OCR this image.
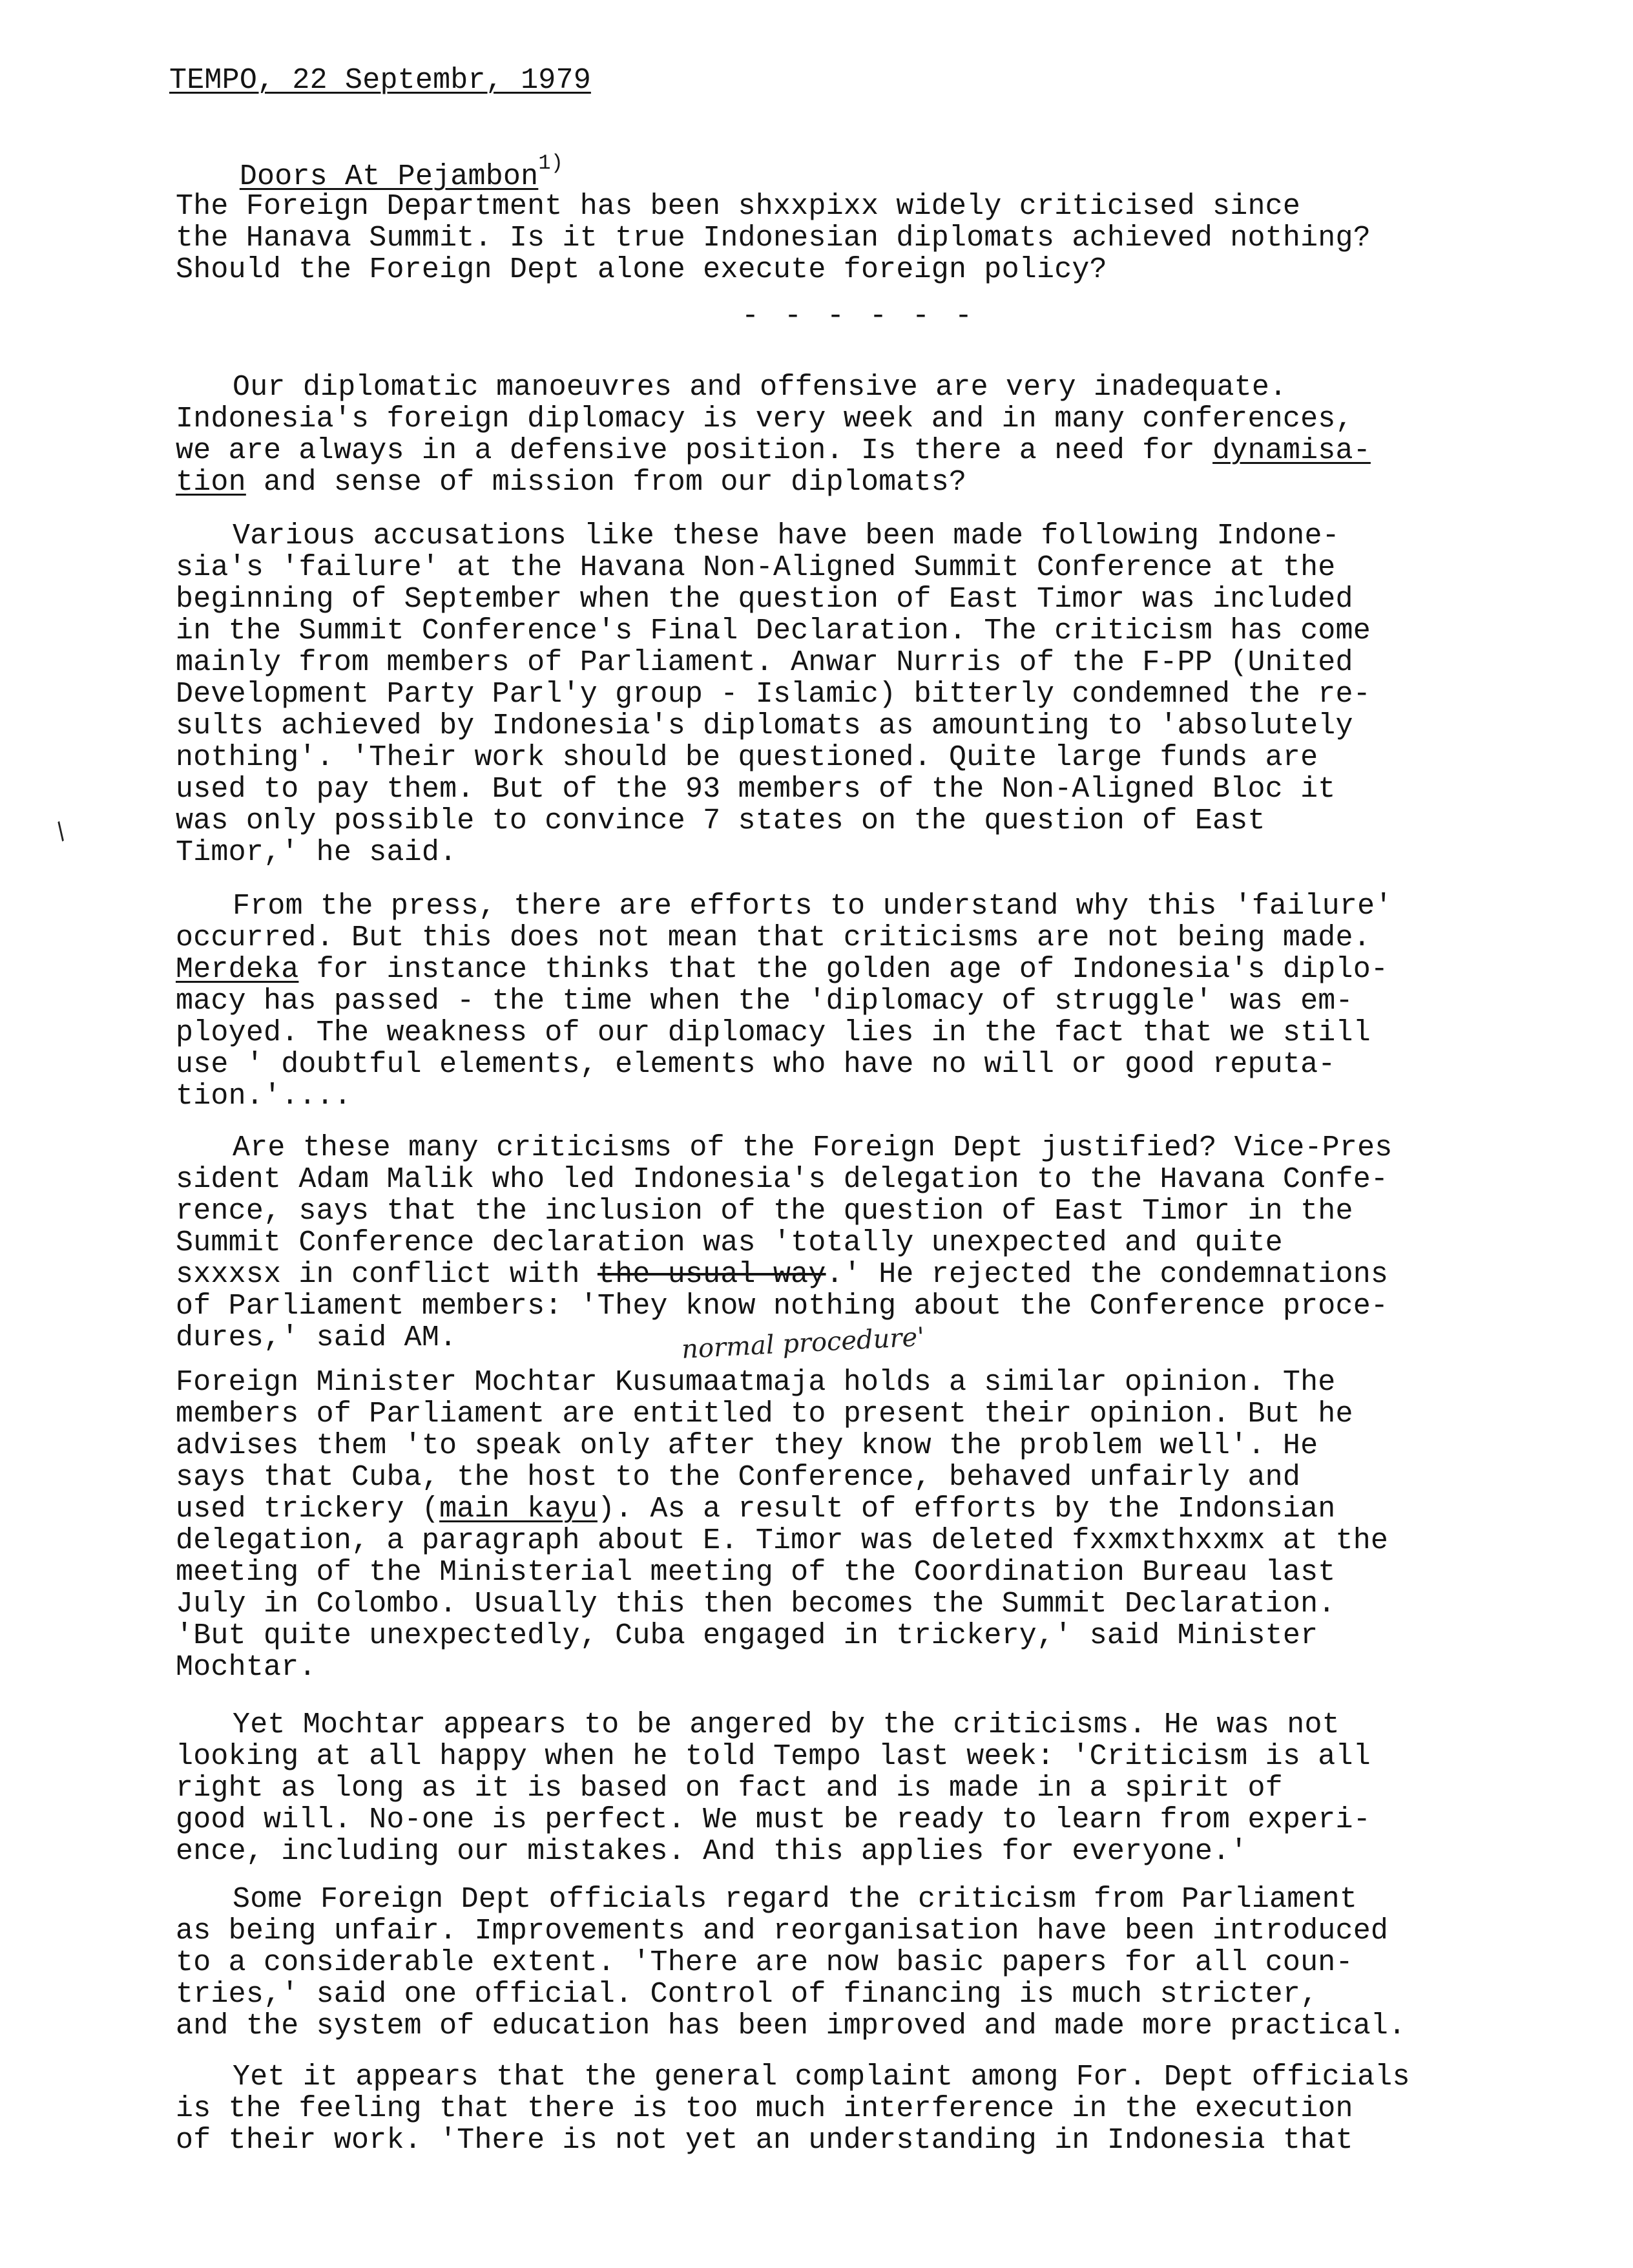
TEMPO, 22 Septembr, 1979

Doors At Pejambon$^{1)}$

The Foreign Department has been shxxpixx widely criticised since
the Hanava Summit. Is it true Indonesian diplomats achieved nothing?
Should the Foreign Dept alone execute foreign policy?
- - - - - -
Our diplomatic manoeuvres and offensive are very inadequate.
Indonesia's foreign diplomacy is very week and in many conferences,
we are always in a defensive position. Is there a need for dynamisa-
tion and sense of mission from our diplomats?
Various accusations like these have been made following Indone-
sia's 'failure' at the Havana Non-Aligned Summit Conference at the
beginning of September when the question of East Timor was included
in the Summit Conference's Final Declaration. The criticism has come
mainly from members of Parliament. Anwar Nurris of the F-PP (United
Development Party Parl'y group - Islamic) bitterly condemned the re-
sults achieved by Indonesia's diplomats as amounting to 'absolutely
nothing'. 'Their work should be questioned. Quite large funds are
used to pay them. But of the 93 members of the Non-Aligned Bloc it
was only possible to convince 7 states on the question of East
Timor,' he said.
From the press, there are efforts to understand why this 'failure'
occurred. But this does not mean that criticisms are not being made.
Merdeka for instance thinks that the golden age of Indonesia's diplo-
macy has passed - the time when the 'diplomacy of struggle' was em-
ployed. The weakness of our diplomacy lies in the fact that we still
use ' doubtful elements, elements who have no will or good reputa-
tion.'....
Are these many criticisms of the Foreign Dept justified? Vice-Pres
sident Adam Malik who led Indonesia's delegation to the Havana Confe-
rence, says that the inclusion of the question of East Timor in the
Summit Conference declaration was 'totally unexpected and quite
sxxxsx in conflict with the usual way.' He rejected the condemnations
of Parliament members: 'They know nothing about the Conference proce-
dures,' said AM.
Foreign Minister Mochtar Kusumaatmaja holds a similar opinion. The
members of Parliament are entitled to present their opinion. But he
advises them 'to speak only after they know the problem well'. He
says that Cuba, the host to the Conference, behaved unfairly and
used trickery (main kayu). As a result of efforts by the Indonsian
delegation, a paragraph about E. Timor was deleted fxxmxthxxmx at the
meeting of the Ministerial meeting of the Coordination Bureau last
July in Colombo. Usually this then becomes the Summit Declaration.
'But quite unexpectedly, Cuba engaged in trickery,' said Minister
Mochtar.
Yet Mochtar appears to be angered by the criticisms. He was not
looking at all happy when he told Tempo last week: 'Criticism is all
right as long as it is based on fact and is made in a spirit of
good will. No-one is perfect. We must be ready to learn from experi-
ence, including our mistakes. And this applies for everyone.'
Some Foreign Dept officials regard the criticism from Parliament
as being unfair. Improvements and reorganisation have been introduced
to a considerable extent. 'There are now basic papers for all coun-
tries,' said one official. Control of financing is much stricter,
and the system of education has been improved and made more practical.
Yet it appears that the general complaint among For. Dept officials
is the feeling that there is too much interference in the execution
of their work. 'There is not yet an understanding in Indonesia that
normal procedure'
/
